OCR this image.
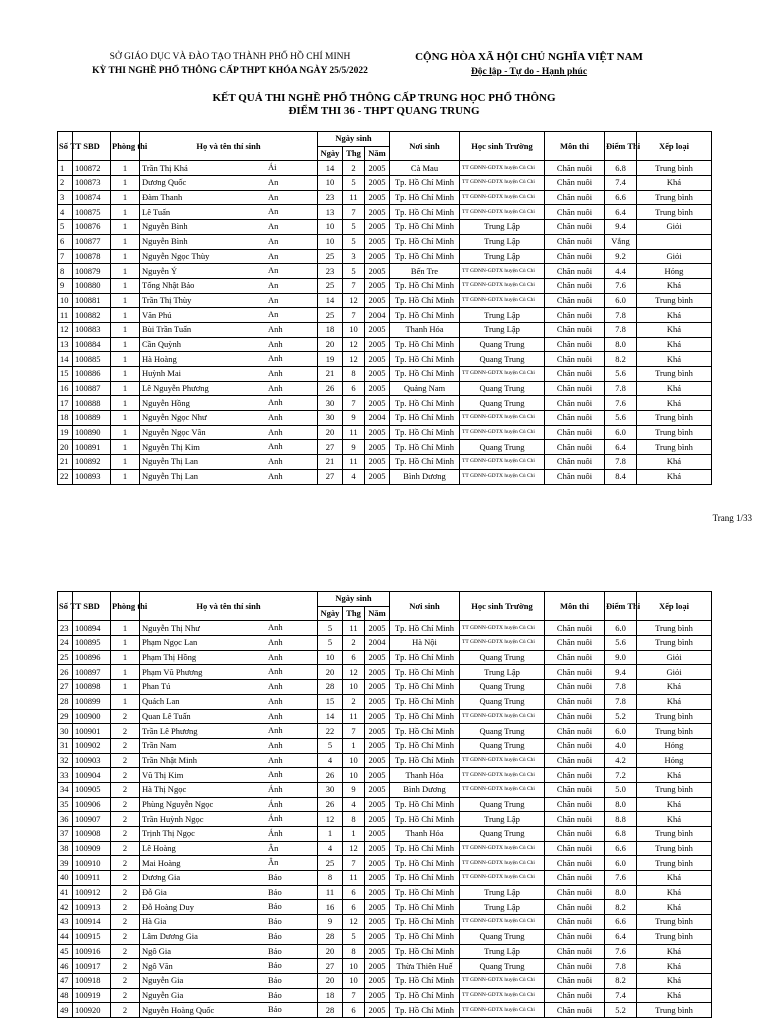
SỞ GIÁO DỤC VÀ ĐÀO TẠO THÀNH PHỐ HỒ CHÍ MINH
KỲ THI NGHỀ PHỔ THÔNG CẤP THPT KHÓA NGÀY 25/5/2022
CỘNG HÒA XÃ HỘI CHỦ NGHĨA VIỆT NAM
Độc lập - Tự do - Hạnh phúc
KẾT QUẢ THI NGHỀ PHỔ THÔNG CẤP TRUNG HỌC PHỔ THÔNG
ĐIỂM THI 36 - THPT QUANG TRUNG
Số TT	SBD	Phòng thi	Họ và tên thí sinh	Ngày sinh			Nơi sinh	Học sinh Trường	Môn thi	Điểm Thi	Xếp loại
				Ngày	Thg	Năm					
1	100872	1	Trần Thị Khả Ái	14	2	2005	Cà Mau	TT GDNN-GDTX huyện Củ Chi	Chăn nuôi	6.8	Trung bình
2	100873	1	Dương Quốc An	10	5	2005	Tp. Hồ Chí Minh	TT GDNN-GDTX huyện Củ Chi	Chăn nuôi	7.4	Khá
3	100874	1	Đàm Thanh An	23	11	2005	Tp. Hồ Chí Minh	TT GDNN-GDTX huyện Củ Chi	Chăn nuôi	6.6	Trung bình
4	100875	1	Lê Tuấn An	13	7	2005	Tp. Hồ Chí Minh	TT GDNN-GDTX huyện Củ Chi	Chăn nuôi	6.4	Trung bình
5	100876	1	Nguyễn Bình An	10	5	2005	Tp. Hồ Chí Minh	Trung Lập	Chăn nuôi	9.4	Giỏi
6	100877	1	Nguyễn Bình An	10	5	2005	Tp. Hồ Chí Minh	Trung Lập	Chăn nuôi	Vắng	
7	100878	1	Nguyễn Ngọc Thùy An	25	3	2005	Tp. Hồ Chí Minh	Trung Lập	Chăn nuôi	9.2	Giỏi
8	100879	1	Nguyễn Ý An	23	5	2005	Bến Tre	TT GDNN-GDTX huyện Củ Chi	Chăn nuôi	4.4	Hỏng
9	100880	1	Tống Nhật Bảo An	25	7	2005	Tp. Hồ Chí Minh	TT GDNN-GDTX huyện Củ Chi	Chăn nuôi	7.6	Khá
10	100881	1	Trần Thị Thùy An	14	12	2005	Tp. Hồ Chí Minh	TT GDNN-GDTX huyện Củ Chi	Chăn nuôi	6.0	Trung bình
11	100882	1	Văn Phú An	25	7	2004	Tp. Hồ Chí Minh	Trung Lập	Chăn nuôi	7.8	Khá
12	100883	1	Bùi Trần Tuấn Anh	18	10	2005	Thanh Hóa	Trung Lập	Chăn nuôi	7.8	Khá
13	100884	1	Cần Quỳnh Anh	20	12	2005	Tp. Hồ Chí Minh	Quang Trung	Chăn nuôi	8.0	Khá
14	100885	1	Hà Hoàng Anh	19	12	2005	Tp. Hồ Chí Minh	Quang Trung	Chăn nuôi	8.2	Khá
15	100886	1	Huỳnh Mai Anh	21	8	2005	Tp. Hồ Chí Minh	TT GDNN-GDTX huyện Củ Chi	Chăn nuôi	5.6	Trung bình
16	100887	1	Lê Nguyễn Phương Anh	26	6	2005	Quảng Nam	Quang Trung	Chăn nuôi	7.8	Khá
17	100888	1	Nguyễn Hồng Anh	30	7	2005	Tp. Hồ Chí Minh	Quang Trung	Chăn nuôi	7.6	Khá
18	100889	1	Nguyễn Ngọc Như Anh	30	9	2004	Tp. Hồ Chí Minh	TT GDNN-GDTX huyện Củ Chi	Chăn nuôi	5.6	Trung bình
19	100890	1	Nguyễn Ngọc Vân Anh	20	11	2005	Tp. Hồ Chí Minh	TT GDNN-GDTX huyện Củ Chi	Chăn nuôi	6.0	Trung bình
20	100891	1	Nguyễn Thị Kim Anh	27	9	2005	Tp. Hồ Chí Minh	Quang Trung	Chăn nuôi	6.4	Trung bình
21	100892	1	Nguyễn Thị Lan Anh	21	11	2005	Tp. Hồ Chí Minh	TT GDNN-GDTX huyện Củ Chi	Chăn nuôi	7.8	Khá
22	100893	1	Nguyễn Thị Lan Anh	27	4	2005	Bình Dương	TT GDNN-GDTX huyện Củ Chi	Chăn nuôi	8.4	Khá
Trang 1/33
Số TT	SBD	Phòng thi	Họ và tên thí sinh	Ngày sinh			Nơi sinh	Học sinh Trường	Môn thi	Điểm Thi	Xếp loại
				Ngày	Thg	Năm					
23	100894	1	Nguyễn Thị Như Anh	5	11	2005	Tp. Hồ Chí Minh	TT GDNN-GDTX huyện Củ Chi	Chăn nuôi	6.0	Trung bình
24	100895	1	Phạm Ngọc Lan Anh	5	2	2004	Hà Nội	TT GDNN-GDTX huyện Củ Chi	Chăn nuôi	5.6	Trung bình
25	100896	1	Phạm Thị Hồng Anh	10	6	2005	Tp. Hồ Chí Minh	Quang Trung	Chăn nuôi	9.0	Giỏi
26	100897	1	Phạm Vũ Phương Anh	20	12	2005	Tp. Hồ Chí Minh	Trung Lập	Chăn nuôi	9.4	Giỏi
27	100898	1	Phan Tú Anh	28	10	2005	Tp. Hồ Chí Minh	Quang Trung	Chăn nuôi	7.8	Khá
28	100899	1	Quách Lan Anh	15	2	2005	Tp. Hồ Chí Minh	Quang Trung	Chăn nuôi	7.8	Khá
29	100900	2	Quan Lê Tuấn Anh	14	11	2005	Tp. Hồ Chí Minh	TT GDNN-GDTX huyện Củ Chi	Chăn nuôi	5.2	Trung bình
30	100901	2	Trần Lê Phương Anh	22	7	2005	Tp. Hồ Chí Minh	Quang Trung	Chăn nuôi	6.0	Trung bình
31	100902	2	Trần Nam Anh	5	1	2005	Tp. Hồ Chí Minh	Quang Trung	Chăn nuôi	4.0	Hỏng
32	100903	2	Trần Nhật Minh Anh	4	10	2005	Tp. Hồ Chí Minh	TT GDNN-GDTX huyện Củ Chi	Chăn nuôi	4.2	Hỏng
33	100904	2	Vũ Thị Kim Anh	26	10	2005	Thanh Hóa	TT GDNN-GDTX huyện Củ Chi	Chăn nuôi	7.2	Khá
34	100905	2	Hà Thị Ngọc Ánh	30	9	2005	Bình Dương	TT GDNN-GDTX huyện Củ Chi	Chăn nuôi	5.0	Trung bình
35	100906	2	Phùng Nguyễn Ngọc Ánh	26	4	2005	Tp. Hồ Chí Minh	Quang Trung	Chăn nuôi	8.0	Khá
36	100907	2	Trần Huỳnh Ngọc Ánh	12	8	2005	Tp. Hồ Chí Minh	Trung Lập	Chăn nuôi	8.8	Khá
37	100908	2	Trịnh Thị Ngọc Ánh	1	1	2005	Thanh Hóa	Quang Trung	Chăn nuôi	6.8	Trung bình
38	100909	2	Lê Hoàng Ân	4	12	2005	Tp. Hồ Chí Minh	TT GDNN-GDTX huyện Củ Chi	Chăn nuôi	6.6	Trung bình
39	100910	2	Mai Hoàng Ân	25	7	2005	Tp. Hồ Chí Minh	TT GDNN-GDTX huyện Củ Chi	Chăn nuôi	6.0	Trung bình
40	100911	2	Dương Gia Bảo	8	11	2005	Tp. Hồ Chí Minh	TT GDNN-GDTX huyện Củ Chi	Chăn nuôi	7.6	Khá
41	100912	2	Đỗ Gia Bảo	11	6	2005	Tp. Hồ Chí Minh	Trung Lập	Chăn nuôi	8.0	Khá
42	100913	2	Đỗ Hoàng Duy Bảo	16	6	2005	Tp. Hồ Chí Minh	Trung Lập	Chăn nuôi	8.2	Khá
43	100914	2	Hà Gia Bảo	9	12	2005	Tp. Hồ Chí Minh	TT GDNN-GDTX huyện Củ Chi	Chăn nuôi	6.6	Trung bình
44	100915	2	Lâm Dương Gia Bảo	28	5	2005	Tp. Hồ Chí Minh	Quang Trung	Chăn nuôi	6.4	Trung bình
45	100916	2	Ngô Gia Bảo	20	8	2005	Tp. Hồ Chí Minh	Trung Lập	Chăn nuôi	7.6	Khá
46	100917	2	Ngô Văn Bảo	27	10	2005	Thừa Thiên Huế	Quang Trung	Chăn nuôi	7.8	Khá
47	100918	2	Nguyễn Gia Bảo	20	10	2005	Tp. Hồ Chí Minh	TT GDNN-GDTX huyện Củ Chi	Chăn nuôi	8.2	Khá
48	100919	2	Nguyễn Gia Bảo	18	7	2005	Tp. Hồ Chí Minh	TT GDNN-GDTX huyện Củ Chi	Chăn nuôi	7.4	Khá
49	100920	2	Nguyễn Hoàng Quốc Bảo	28	6	2005	Tp. Hồ Chí Minh	TT GDNN-GDTX huyện Củ Chi	Chăn nuôi	5.2	Trung bình
